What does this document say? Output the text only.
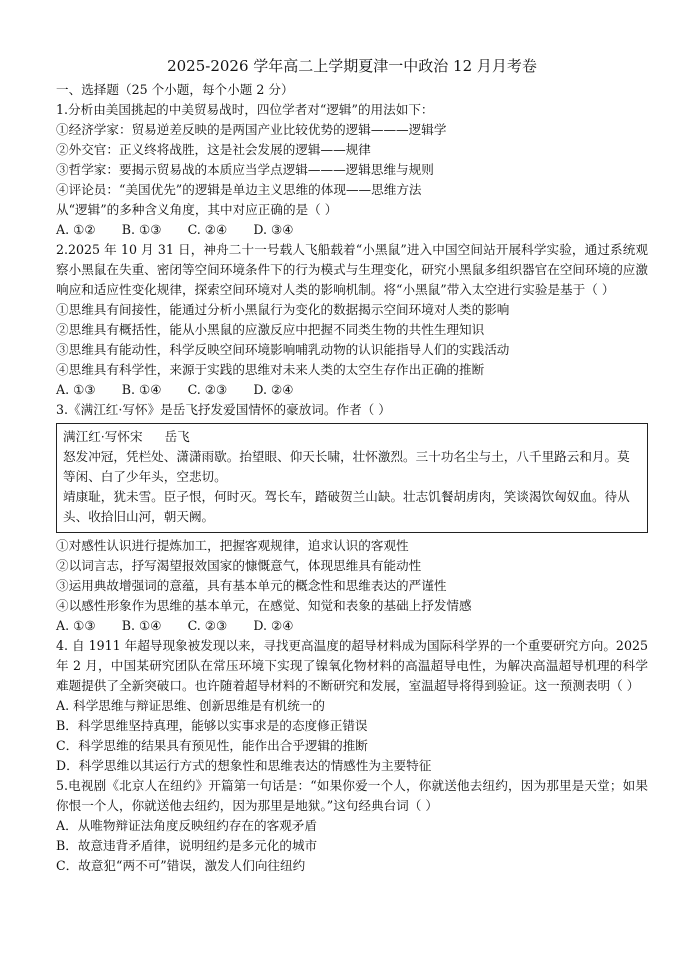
2025-2026 学年高二上学期夏津一中政治 12 月月考卷
一、选择题（25 个小题，每个小题 2 分）
1.分析由美国挑起的中美贸易战时，四位学者对“逻辑”的用法如下：
①经济学家：贸易逆差反映的是两国产业比较优势的逻辑———逻辑学
②外交官：正义终将战胜，这是社会发展的逻辑——规律
③哲学家：要揭示贸易战的本质应当学点逻辑———逻辑思维与规则
④评论员：“美国优先”的逻辑是单边主义思维的体现——思维方法
从“逻辑”的多种含义角度，其中对应正确的是（ ）
A. ①② B. ①③ C. ②④ D. ③④
2.2025 年 10 月 31 日，神舟二十一号载人飞船载着“小黑鼠”进入中国空间站开展科学实验，通过系统观察小黑鼠在失重、密闭等空间环境条件下的行为模式与生理变化，研究小黑鼠多组织器官在空间环境的应激响应和适应性变化规律，探索空间环境对人类的影响机制。将“小黑鼠”带入太空进行实验是基于（ ）
①思维具有间接性，能通过分析小黑鼠行为变化的数据揭示空间环境对人类的影响
②思维具有概括性，能从小黑鼠的应激反应中把握不同类生物的共性生理知识
③思维具有能动性，科学反映空间环境影响哺乳动物的认识能指导人们的实践活动
④思维具有科学性，来源于实践的思维对未来人类的太空生存作出正确的推断
A. ①③ B. ①④ C. ②③ D. ②④
3.《满江红·写怀》是岳飞抒发爱国情怀的豪放词。作者（ ）
满江红·写怀宋 岳飞
怒发冲冠，凭栏处、潇潇雨歇。抬望眼、仰天长啸，壮怀激烈。三十功名尘与土，八千里路云和月。莫等闲、白了少年头，空悲切。
靖康耻，犹未雪。臣子恨，何时灭。驾长车，踏破贺兰山缺。壮志饥餐胡虏肉，笑谈渴饮匈奴血。待从头、收拾旧山河，朝天阙。
①对感性认识进行提炼加工，把握客观规律，追求认识的客观性
②以词言志，抒写渴望报效国家的慷慨意气，体现思维具有能动性
③运用典故增强词的意蕴，具有基本单元的概念性和思维表达的严谨性
④以感性形象作为思维的基本单元，在感觉、知觉和表象的基础上抒发情感
A. ①③ B. ①④ C. ②③ D. ②④
4. 自 1911 年超导现象被发现以来，寻找更高温度的超导材料成为国际科学界的一个重要研究方向。2025 年 2 月，中国某研究团队在常压环境下实现了镍氧化物材料的高温超导电性，为解决高温超导机理的科学难题提供了全新突破口。也许随着超导材料的不断研究和发展，室温超导将得到验证。这一预测表明（ ）
A. 科学思维与辩证思维、创新思维是有机统一的
B．科学思维坚持真理，能够以实事求是的态度修正错误
C．科学思维的结果具有预见性，能作出合乎逻辑的推断
D．科学思维以其运行方式的想象性和思维表达的情感性为主要特征
5.电视剧《北京人在纽约》开篇第一句话是：“如果你爱一个人，你就送他去纽约，因为那里是天堂；如果你恨一个人，你就送他去纽约，因为那里是地狱。”这句经典台词（ ）
A．从唯物辩证法角度反映纽约存在的客观矛盾
B．故意违背矛盾律，说明纽约是多元化的城市
C．故意犯“两不可”错误，激发人们向往纽约
